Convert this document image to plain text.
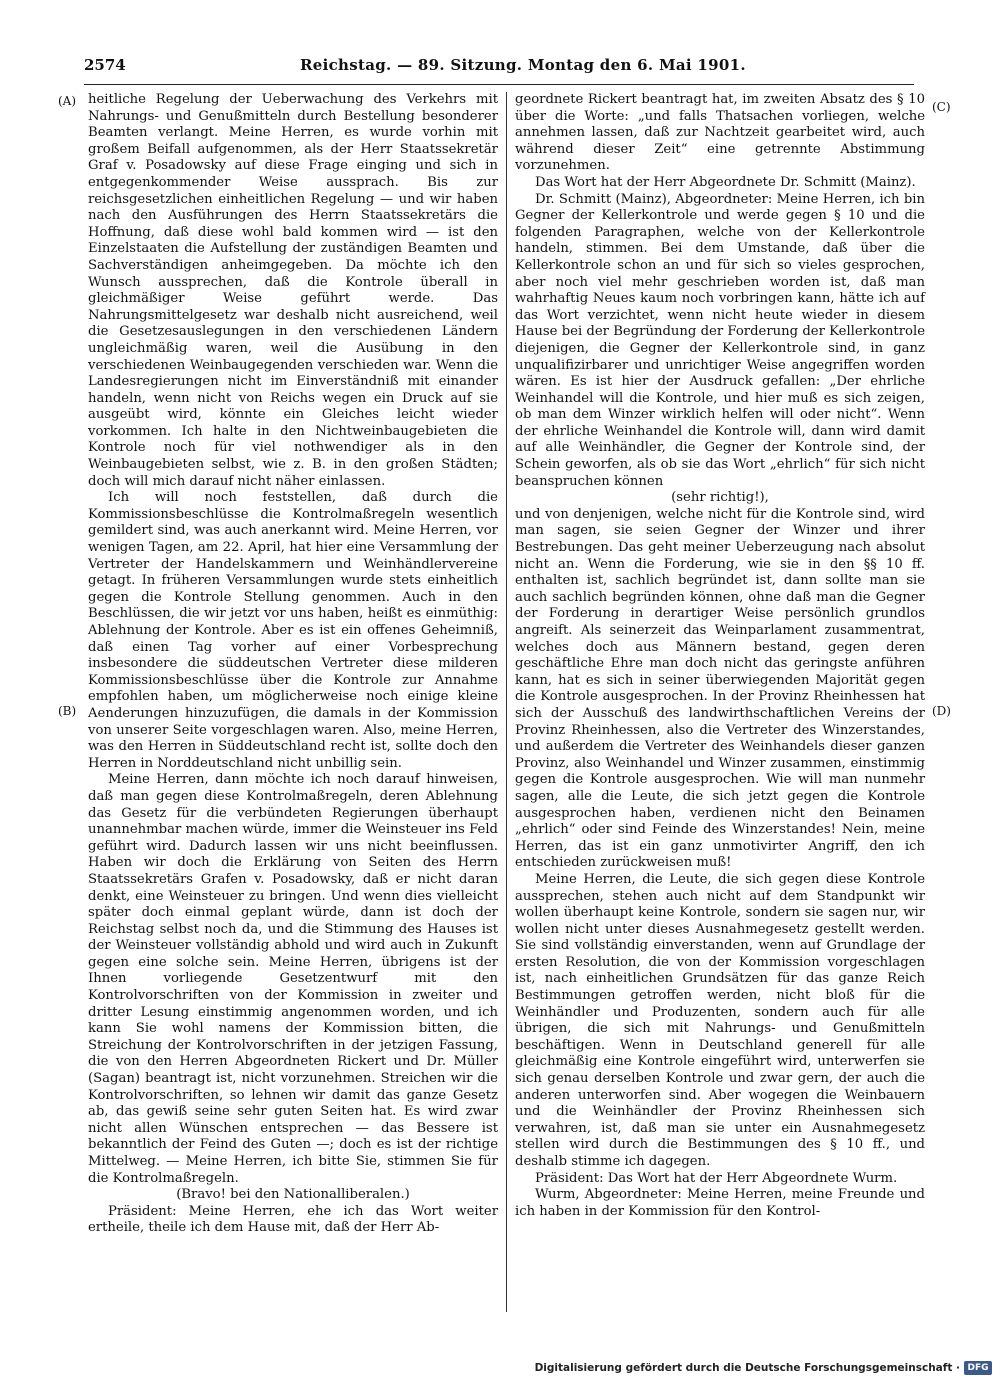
2574	Reichstag. — 89. Sitzung. Montag den 6. Mai 1901.
(A)
(B)
(C)
(D)

heitliche Regelung der Ueberwachung des Verkehrs mit Nahrungs- und Genußmitteln durch Bestellung besonderer Beamten verlangt. Meine Herren, es wurde vorhin mit großem Beifall aufgenommen, als der Herr Staatssekretär Graf v. Posadowsky auf diese Frage einging und sich in entgegenkommender Weise aussprach. Bis zur reichsgesetzlichen einheitlichen Regelung — und wir haben nach den Ausführungen des Herrn Staatssekretärs die Hoffnung, daß diese wohl bald kommen wird — ist den Einzelstaaten die Aufstellung der zuständigen Beamten und Sachverständigen anheimgegeben. Da möchte ich den Wunsch aussprechen, daß die Kontrole überall in gleichmäßiger Weise geführt werde. Das Nahrungsmittelgesetz war deshalb nicht ausreichend, weil die Gesetzesauslegungen in den verschiedenen Ländern ungleichmäßig waren, weil die Ausübung in den verschiedenen Weinbaugegenden verschieden war. Wenn die Landesregierungen nicht im Einverständniß mit einander handeln, wenn nicht von Reichs wegen ein Druck auf sie ausgeübt wird, könnte ein Gleiches leicht wieder vorkommen. Ich halte in den Nichtweinbaugebieten die Kontrole noch für viel nothwendiger als in den Weinbaugebieten selbst, wie z. B. in den großen Städten; doch will mich darauf nicht näher einlassen.

Ich will noch feststellen, daß durch die Kommissionsbeschlüsse die Kontrolmaßregeln wesentlich gemildert sind, was auch anerkannt wird. Meine Herren, vor wenigen Tagen, am 22. April, hat hier eine Versammlung der Vertreter der Handelskammern und Weinhändlervereine getagt. In früheren Versammlungen wurde stets einheitlich gegen die Kontrole Stellung genommen. Auch in den Beschlüssen, die wir jetzt vor uns haben, heißt es einmüthig: Ablehnung der Kontrole. Aber es ist ein offenes Geheimniß, daß einen Tag vorher auf einer Vorbesprechung insbesondere die süddeutschen Vertreter diese milderen Kommissionsbeschlüsse über die Kontrole zur Annahme empfohlen haben, um möglicherweise noch einige kleine Aenderungen hinzuzufügen, die damals in der Kommission von unserer Seite vorgeschlagen waren. Also, meine Herren, was den Herren in Süddeutschland recht ist, sollte doch den Herren in Norddeutschland nicht unbillig sein.

Meine Herren, dann möchte ich noch darauf hinweisen, daß man gegen diese Kontrolmaßregeln, deren Ablehnung das Gesetz für die verbündeten Regierungen überhaupt unannehmbar machen würde, immer die Weinsteuer ins Feld geführt wird. Dadurch lassen wir uns nicht beeinflussen. Haben wir doch die Erklärung von Seiten des Herrn Staatssekretärs Grafen v. Posadowsky, daß er nicht daran denkt, eine Weinsteuer zu bringen. Und wenn dies vielleicht später doch einmal geplant würde, dann ist doch der Reichstag selbst noch da, und die Stimmung des Hauses ist der Weinsteuer vollständig abhold und wird auch in Zukunft gegen eine solche sein. Meine Herren, übrigens ist der Ihnen vorliegende Gesetzentwurf mit den Kontrolvorschriften von der Kommission in zweiter und dritter Lesung einstimmig angenommen worden, und ich kann Sie wohl namens der Kommission bitten, die Streichung der Kontrolvorschriften in der jetzigen Fassung, die von den Herren Abgeordneten Rickert und Dr. Müller (Sagan) beantragt ist, nicht vorzunehmen. Streichen wir die Kontrolvorschriften, so lehnen wir damit das ganze Gesetz ab, das gewiß seine sehr guten Seiten hat. Es wird zwar nicht allen Wünschen entsprechen — das Bessere ist bekanntlich der Feind des Guten —; doch es ist der richtige Mittelweg. — Meine Herren, ich bitte Sie, stimmen Sie für die Kontrolmaßregeln.

(Bravo! bei den Nationalliberalen.)

Präsident: Meine Herren, ehe ich das Wort weiter ertheile, theile ich dem Hause mit, daß der Herr Ab-

geordnete Rickert beantragt hat, im zweiten Absatz des § 10 über die Worte: „und falls Thatsachen vorliegen, welche annehmen lassen, daß zur Nachtzeit gearbeitet wird, auch während dieser Zeit“ eine getrennte Abstimmung vorzunehmen.

Das Wort hat der Herr Abgeordnete Dr. Schmitt (Mainz).

Dr. Schmitt (Mainz), Abgeordneter: Meine Herren, ich bin Gegner der Kellerkontrole und werde gegen § 10 und die folgenden Paragraphen, welche von der Kellerkontrole handeln, stimmen. Bei dem Umstande, daß über die Kellerkontrole schon an und für sich so vieles gesprochen, aber noch viel mehr geschrieben worden ist, daß man wahrhaftig Neues kaum noch vorbringen kann, hätte ich auf das Wort verzichtet, wenn nicht heute wieder in diesem Hause bei der Begründung der Forderung der Kellerkontrole diejenigen, die Gegner der Kellerkontrole sind, in ganz unqualifizirbarer und unrichtiger Weise angegriffen worden wären. Es ist hier der Ausdruck gefallen: „Der ehrliche Weinhandel will die Kontrole, und hier muß es sich zeigen, ob man dem Winzer wirklich helfen will oder nicht“. Wenn der ehrliche Weinhandel die Kontrole will, dann wird damit auf alle Weinhändler, die Gegner der Kontrole sind, der Schein geworfen, als ob sie das Wort „ehrlich“ für sich nicht beanspruchen können

(sehr richtig!),

und von denjenigen, welche nicht für die Kontrole sind, wird man sagen, sie seien Gegner der Winzer und ihrer Bestrebungen. Das geht meiner Ueberzeugung nach absolut nicht an. Wenn die Forderung, wie sie in den §§ 10 ff. enthalten ist, sachlich begründet ist, dann sollte man sie auch sachlich begründen können, ohne daß man die Gegner der Forderung in derartiger Weise persönlich grundlos angreift. Als seinerzeit das Weinparlament zusammentrat, welches doch aus Männern bestand, gegen deren geschäftliche Ehre man doch nicht das geringste anführen kann, hat es sich in seiner überwiegenden Majorität gegen die Kontrole ausgesprochen. In der Provinz Rheinhessen hat sich der Ausschuß des landwirthschaftlichen Vereins der Provinz Rheinhessen, also die Vertreter des Winzerstandes, und außerdem die Vertreter des Weinhandels dieser ganzen Provinz, also Weinhandel und Winzer zusammen, einstimmig gegen die Kontrole ausgesprochen. Wie will man nunmehr sagen, alle die Leute, die sich jetzt gegen die Kontrole ausgesprochen haben, verdienen nicht den Beinamen „ehrlich“ oder sind Feinde des Winzerstandes! Nein, meine Herren, das ist ein ganz unmotivirter Angriff, den ich entschieden zurückweisen muß!

Meine Herren, die Leute, die sich gegen diese Kontrole aussprechen, stehen auch nicht auf dem Standpunkt wir wollen überhaupt keine Kontrole, sondern sie sagen nur, wir wollen nicht unter dieses Ausnahmegesetz gestellt werden. Sie sind vollständig einverstanden, wenn auf Grundlage der ersten Resolution, die von der Kommission vorgeschlagen ist, nach einheitlichen Grundsätzen für das ganze Reich Bestimmungen getroffen werden, nicht bloß für die Weinhändler und Produzenten, sondern auch für alle übrigen, die sich mit Nahrungs- und Genußmitteln beschäftigen. Wenn in Deutschland generell für alle gleichmäßig eine Kontrole eingeführt wird, unterwerfen sie sich genau derselben Kontrole und zwar gern, der auch die anderen unterworfen sind. Aber wogegen die Weinbauern und die Weinhändler der Provinz Rheinhessen sich verwahren, ist, daß man sie unter ein Ausnahmegesetz stellen wird durch die Bestimmungen des § 10 ff., und deshalb stimme ich dagegen.

Präsident: Das Wort hat der Herr Abgeordnete Wurm.

Wurm, Abgeordneter: Meine Herren, meine Freunde und ich haben in der Kommission für den Kontrol-

Digitalisierung gefördert durch die Deutsche Forschungsgemeinschaft · DFG
